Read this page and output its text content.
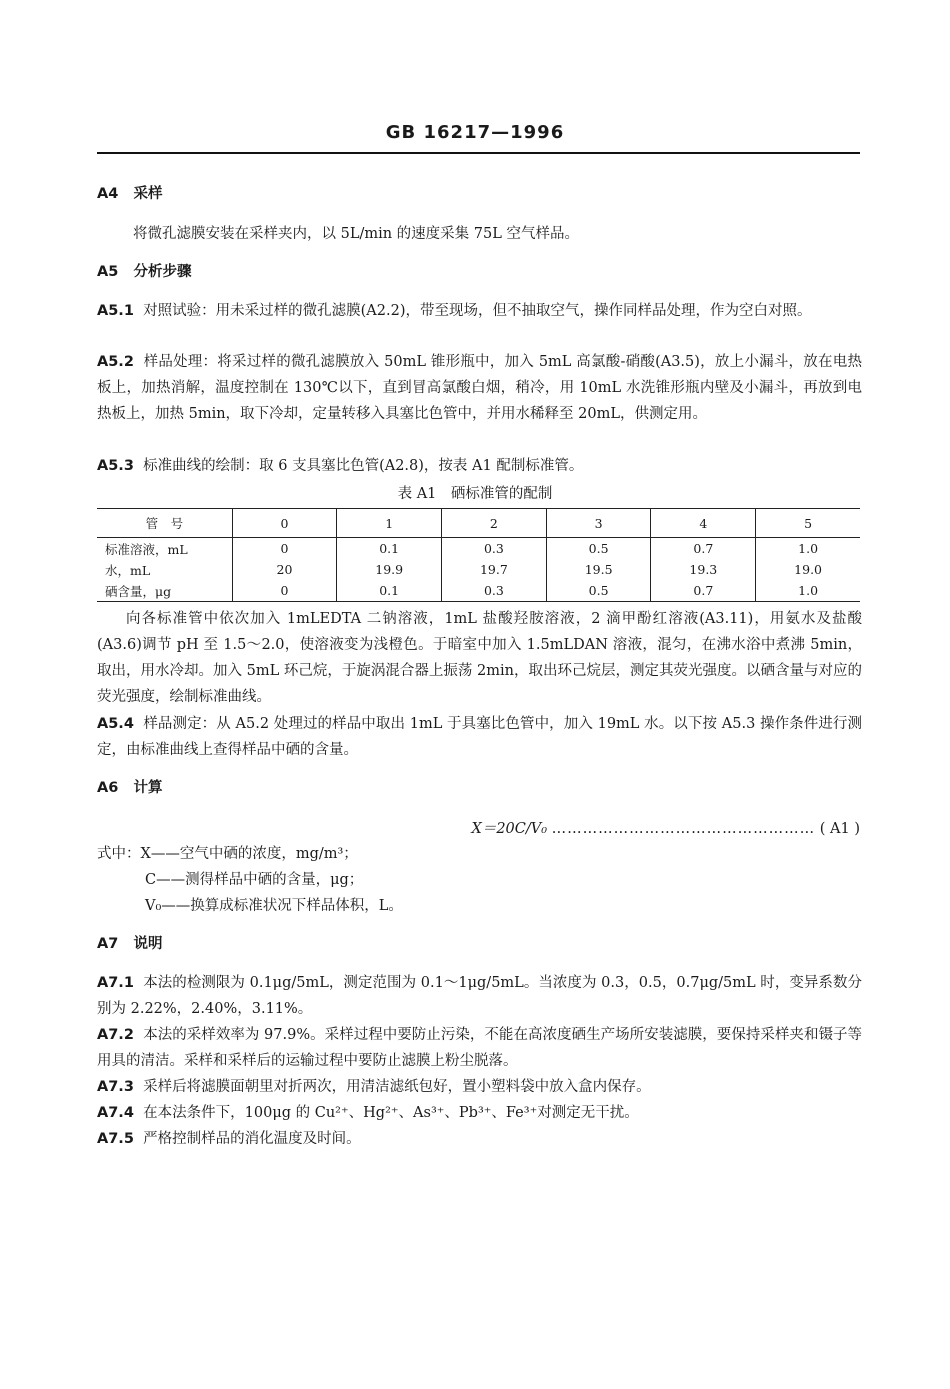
GB 16217—1996
A4 采样
将微孔滤膜安装在采样夹内，以 5L/min 的速度采集 75L 空气样品。
A5 分析步骤
A5.1 对照试验：用未采过样的微孔滤膜(A2.2)，带至现场，但不抽取空气，操作同样品处理，作为空白对照。
A5.2 样品处理：将采过样的微孔滤膜放入 50mL 锥形瓶中，加入 5mL 高氯酸-硝酸(A3.5)，放上小漏斗，放在电热板上，加热消解，温度控制在 130℃以下，直到冒高氯酸白烟，稍冷，用 10mL 水洗锥形瓶内壁及小漏斗，再放到电热板上，加热 5min，取下冷却，定量转移入具塞比色管中，并用水稀释至 20mL，供测定用。
A5.3 标准曲线的绘制：取 6 支具塞比色管(A2.8)，按表 A1 配制标准管。
表 A1　硒标准管的配制
管　号	0	1	2	3	4	5
标准溶液，mL	0	0.1	0.3	0.5	0.7	1.0
水，mL	20	19.9	19.7	19.5	19.3	19.0
硒含量，μg	0	0.1	0.3	0.5	0.7	1.0
向各标准管中依次加入 1mLEDTA 二钠溶液，1mL 盐酸羟胺溶液，2 滴甲酚红溶液(A3.11)，用氨水及盐酸(A3.6)调节 pH 至 1.5～2.0，使溶液变为浅橙色。于暗室中加入 1.5mLDAN 溶液，混匀，在沸水浴中煮沸 5min，取出，用水冷却。加入 5mL 环己烷，于旋涡混合器上振荡 2min，取出环己烷层，测定其荧光强度。以硒含量与对应的荧光强度，绘制标准曲线。
A5.4 样品测定：从 A5.2 处理过的样品中取出 1mL 于具塞比色管中，加入 19mL 水。以下按 A5.3 操作条件进行测定，由标准曲线上查得样品中硒的含量。
A6 计算
X＝20C/V₀ …………………………………………… ( A1 )
式中：X——空气中硒的浓度，mg/m³；
C——测得样品中硒的含量，μg；
V₀——换算成标准状况下样品体积，L。
A7 说明
A7.1 本法的检测限为 0.1μg/5mL，测定范围为 0.1～1μg/5mL。当浓度为 0.3，0.5，0.7μg/5mL 时，变异系数分别为 2.22%，2.40%，3.11%。
A7.2 本法的采样效率为 97.9%。采样过程中要防止污染，不能在高浓度硒生产场所安装滤膜，要保持采样夹和镊子等用具的清洁。采样和采样后的运输过程中要防止滤膜上粉尘脱落。
A7.3 采样后将滤膜面朝里对折两次，用清洁滤纸包好，置小塑料袋中放入盒内保存。
A7.4 在本法条件下，100μg 的 Cu²⁺、Hg²⁺、As³⁺、Pb³⁺、Fe³⁺对测定无干扰。
A7.5 严格控制样品的消化温度及时间。
